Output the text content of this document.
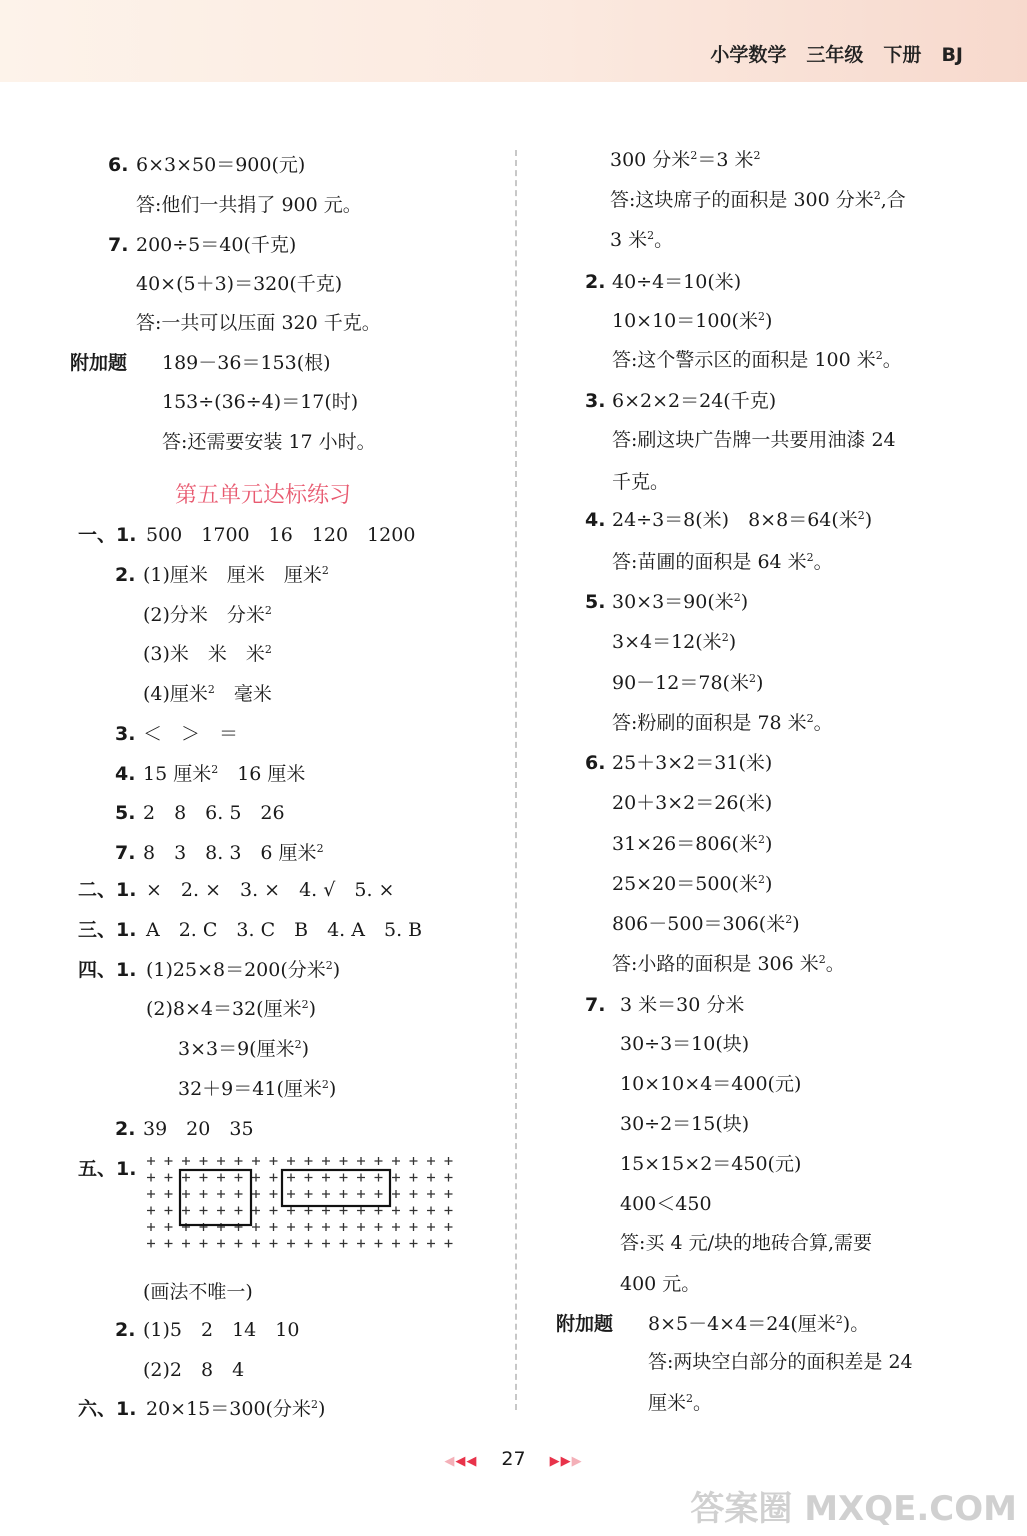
小学数学 三年级 下册 BJ
6. 6×3×50＝900(元)
答:他们一共捐了 900 元。
7. 200÷5＝40(千克)
40×(5＋3)＝320(千克)
答:一共可以压面 320 千克。
附加题 189－36＝153(根)
153÷(36÷4)＝17(时)
答:还需要安装 17 小时。
第五单元达标练习
一、1. 500　1700　16　120　1200
2. (1)厘米　厘米　厘米$^2$
(2)分米　分米$^2$
(3)米　米　米$^2$
(4)厘米$^2$　毫米
3. ＜　＞　＝
4. 15 厘米$^2$　16 厘米
5. 2　8　6. 5　26
7. 8　3　8. 3　6 厘米$^2$
二、1. ×　2. ×　3. ×　4. √　5. ×
三、1. A　2. C　3. C　B　4. A　5. B
四、1. (1)25×8＝200(分米$^2$)
(2)8×4＝32(厘米$^2$)
3×3＝9(厘米$^2$)
32＋9＝41(厘米$^2$)
2. 39　20　35
五、1.
(画法不唯一)
2. (1)5　2　14　10
(2)2　8　4
六、1. 20×15＝300(分米$^2$)
300 分米$^2$＝3 米$^2$
答:这块席子的面积是 300 分米$^2$,合
3 米$^2$。
2. 40÷4＝10(米)
10×10＝100(米$^2$)
答:这个警示区的面积是 100 米$^2$。
3. 6×2×2＝24(千克)
答:刷这块广告牌一共要用油漆 24
千克。
4. 24÷3＝8(米)　8×8＝64(米$^2$)
答:苗圃的面积是 64 米$^2$。
5. 30×3＝90(米$^2$)
3×4＝12(米$^2$)
90－12＝78(米$^2$)
答:粉刷的面积是 78 米$^2$。
6. 25＋3×2＝31(米)
20＋3×2＝26(米)
31×26＝806(米$^2$)
25×20＝500(米$^2$)
806－500＝306(米$^2$)
答:小路的面积是 306 米$^2$。
7. 3 米＝30 分米
30÷3＝10(块)
10×10×4＝400(元)
30÷2＝15(块)
15×15×2＝450(元)
400＜450
答:买 4 元/块的地砖合算,需要
400 元。
附加题 8×5－4×4＝24(厘米$^2$)。
答:两块空白部分的面积差是 24
厘米$^2$。
◀◀◀ 27 ▶▶▶
答案圈 MXQE.COM
